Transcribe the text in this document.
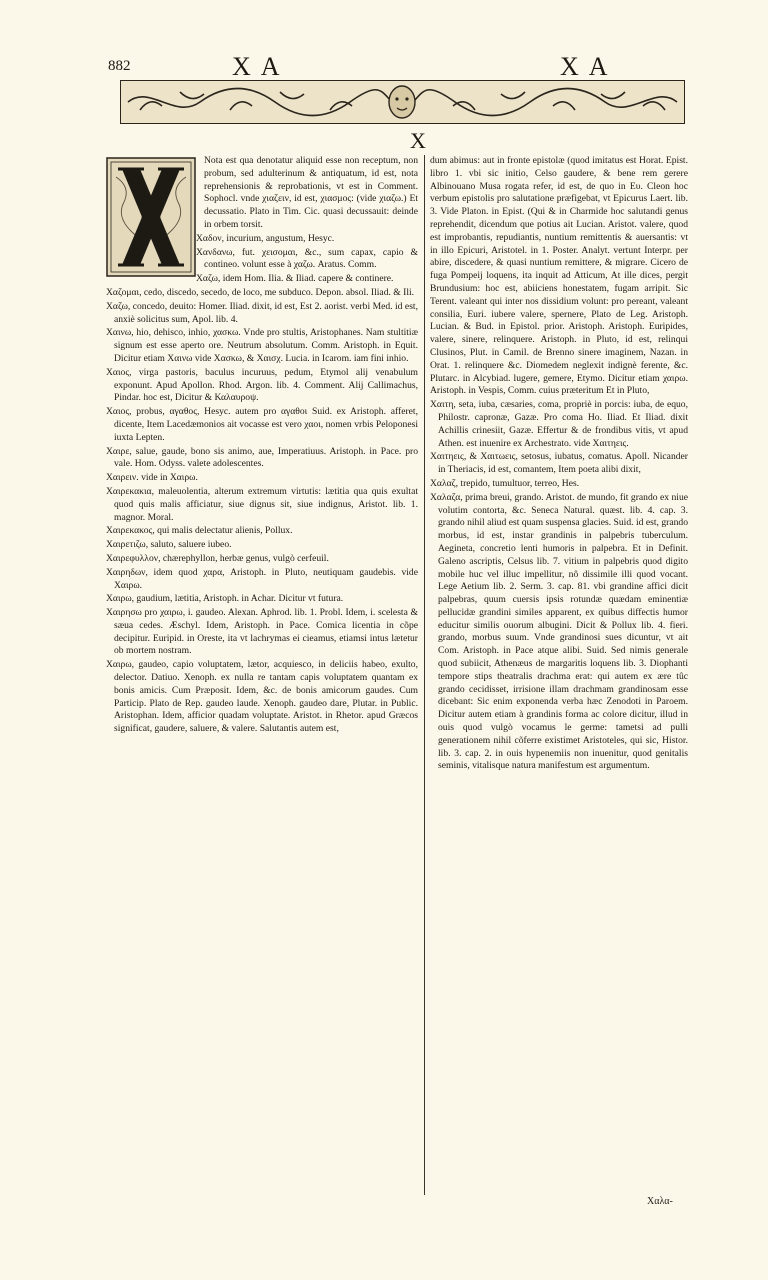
882	XA	XA
X

Nota est qua denotatur aliquid esse non receptum, non probum, sed adulterinum & antiquatum, id est, nota reprehensionis & reprobationis, vt est in Comment. Sophocl. vnde χιαζειν, id est, χιασμος: (vide χιαζω.) Et decussatio. Plato in Tim. Cic. quasi decussauit: deinde in orbem torsit.

Χαδον, incurium, angustum, Hesyc.

Χανδανω, fut. χεισομαι, &c., sum capax, capio & contineo. volunt esse à χαζω. Aratus. Comm.

Χαζω, idem Hom. Ilia. & Iliad. capere & continere.

Χαζομαι, cedo, discedo, secedo, de loco, me subduco. Depon. absol. Iliad. & Ili.

Χαζω, concedo, deuito: Homer. Iliad. dixit, id est, Est 2. aorist. verbi Med. id est, anxiè solicitus sum, Apol. lib. 4.

Χαινω, hio, dehisco, inhio, χασκω. Vnde pro stultis, Aristophanes. Nam stultitiæ signum est esse aperto ore. Neutrum absolutum. Comm. Aristoph. in Equit. Dicitur etiam Χαινω vide Χασκω, & Χαισχ. Lucia. in Icarom. iam fini inhio.

Χαιος, virga pastoris, baculus incuruus, pedum, Etymol alij venabulum exponunt. Apud Apollon. Rhod. Argon. lib. 4. Comment. Alij Callimachus, Pindar. hoc est, Dicitur & Καλαυροψ.

Χαιος, probus, αγαθος, Hesyc. autem pro αγαθοι Suid. ex Aristoph. afferet, dicente, Item Lacedæmonios ait vocasse est vero χαοι, nomen vrbis Peloponesi iuxta Lepten.

Χαιρε, salue, gaude, bono sis animo, aue, Imperatiuus. Aristoph. in Pace. pro vale. Hom. Odyss. valete adolescentes.

Χαιρειν. vide in Χαιρω.

Χαιρεκακια, maleuolentia, alterum extremum virtutis: lætitia qua quis exultat quod quis malis afficiatur, siue dignus sit, siue indignus, Aristot. lib. 1. magnor. Moral.

Χαιρεκακος, qui malis delectatur alienis, Pollux.

Χαιρετιζω, saluto, saluere iubeo.

Χαιρεφυλλον, chærephyllon, herbæ genus, vulgò cerfeuil.

Χαιρηδων, idem quod χαρα, Aristoph. in Pluto, neutiquam gaudebis. vide Χαιρω.

Χαιρω, gaudium, lætitia, Aristoph. in Achar. Dicitur vt futura.

Χαιρησω pro χαιρω, i. gaudeo. Alexan. Aphrod. lib. 1. Probl. Idem, i. scelesta & sæua cedes. Æschyl. Idem, Aristoph. in Pace. Comica licentia in cõpe decipitur. Euripid. in Oreste, ita vt lachrymas ei cieamus, etiamsi intus lætetur ob mortem nostram.

Χαιρω, gaudeo, capio voluptatem, lætor, acquiesco, in deliciis habeo, exulto, delector. Datiuo. Xenoph. ex nulla re tantam capis voluptatem quantam ex bonis amicis. Cum Præposit. Idem, &c. de bonis amicorum gaudes. Cum Particip. Plato de Rep. gaudeo laude. Xenoph. gaudeo dare, Plutar. in Public. Aristophan. Idem, afficior quadam voluptate. Aristot. in Rhetor. apud Græcos significat, gaudere, saluere, & valere. Salutantis autem est,

dum abimus: aut in fronte epistolæ (quod imitatus est Horat. Epist. libro 1. vbi sic initio, Celso gaudere, & bene rem gerere Albinouano Musa rogata refer, id est, de quo in Ευ. Cleon hoc verbum epistolis pro salutatione præfigebat, vt Epicurus Laert. lib. 3. Vide Platon. in Epist. (Qui & in Charmide hoc salutandi genus reprehendit, dicendum que potius ait Lucian. Aristot. valere, quod est improbantis, repudiantis, nuntium remittentis & auersantis: vt in illo Epicuri, Aristotel. in 1. Poster. Analyt. vertunt Interpr. per abire, discedere, & quasi nuntium remittere, & migrare. Cicero de fuga Pompeij loquens, ita inquit ad Atticum, At ille dices, pergit Brundusium: hoc est, abiiciens honestatem, fugam arripit. Sic Terent. valeant qui inter nos dissidium volunt: pro pereant, valeant consilia, Euri. iubere valere, spernere, Plato de Leg. Aristoph. Lucian. & Bud. in Epistol. prior. Aristoph. Aristoph. Euripides, valere, sinere, relinquere. Aristoph. in Pluto, id est, relinqui Clusinos, Plut. in Camil. de Brenno sinere imaginem, Nazan. in Orat. 1. relinquere &c. Diomedem neglexit indignè ferente, &c. Plutarc. in Alcybiad. lugere, gemere, Etymo. Dicitur etiam χαιρω. Aristoph. in Vespis, Comm. cuius præteritum Et in Pluto,

Χαιτη, seta, iuba, cæsaries, coma, propriè in porcis: iuba, de equo, Philostr. capronæ, Gazæ. Pro coma Ho. Iliad. Et Iliad. dixit Achillis crinesiit, Gazæ. Effertur & de frondibus vitis, vt apud Athen. est inuenire ex Archestrato. vide Χαιτηεις.

Χαιτηεις, & Χαιτωεις, setosus, iubatus, comatus. Apoll. Nicander in Theriacis, id est, comantem, Item poeta alibi dixit,

Χαλαζ, trepido, tumultuor, terreo, Hes.

Χαλαζα, prima breui, grando. Aristot. de mundo, fit grando ex niue volutim contorta, &c. Seneca Natural. quæst. lib. 4. cap. 3. grando nihil aliud est quam suspensa glacies. Suid. id est, grando morbus, id est, instar grandinis in palpebris tuberculum. Aegineta, concretio lenti humoris in palpebra. Et in Definit. Galeno ascriptis, Celsus lib. 7. vitium in palpebris quod digito mobile huc vel illuc impellitur, nô dissimile illi quod vocant. Lege Aetium lib. 2. Serm. 3. cap. 81. vbi grandine affici dicit palpebras, quum cuersis ipsis rotundæ quædam eminentiæ pellucidæ grandini similes apparent, ex quibus diffectis humor educitur similis ouorum albugini. Dicit & Pollux lib. 4. fieri. grando, morbus suum. Vnde grandinosi sues dicuntur, vt ait Com. Aristoph. in Pace atque alibi. Suid. Sed nimis generale quod subiicit, Athenæus de margaritis loquens lib. 3. Diophanti tempore stips theatralis drachma erat: qui autem ex ære tûc grando cecidisset, irrisione illam drachmam grandinosam esse dicebant: Sic enim exponenda verba hæc Zenodoti in Paroem. Dicitur autem etiam à grandinis forma ac colore dicitur, illud in ouis quod vulgò vocamus le germe: tametsi ad pulli generationem nihil cõferre existimet Aristoteles, qui sic, Histor. lib. 3. cap. 2. in ouis hypenemiis non inuenitur, quod genitalis seminis, vitalisque natura manifestum est argumentum.

Χαλα-
